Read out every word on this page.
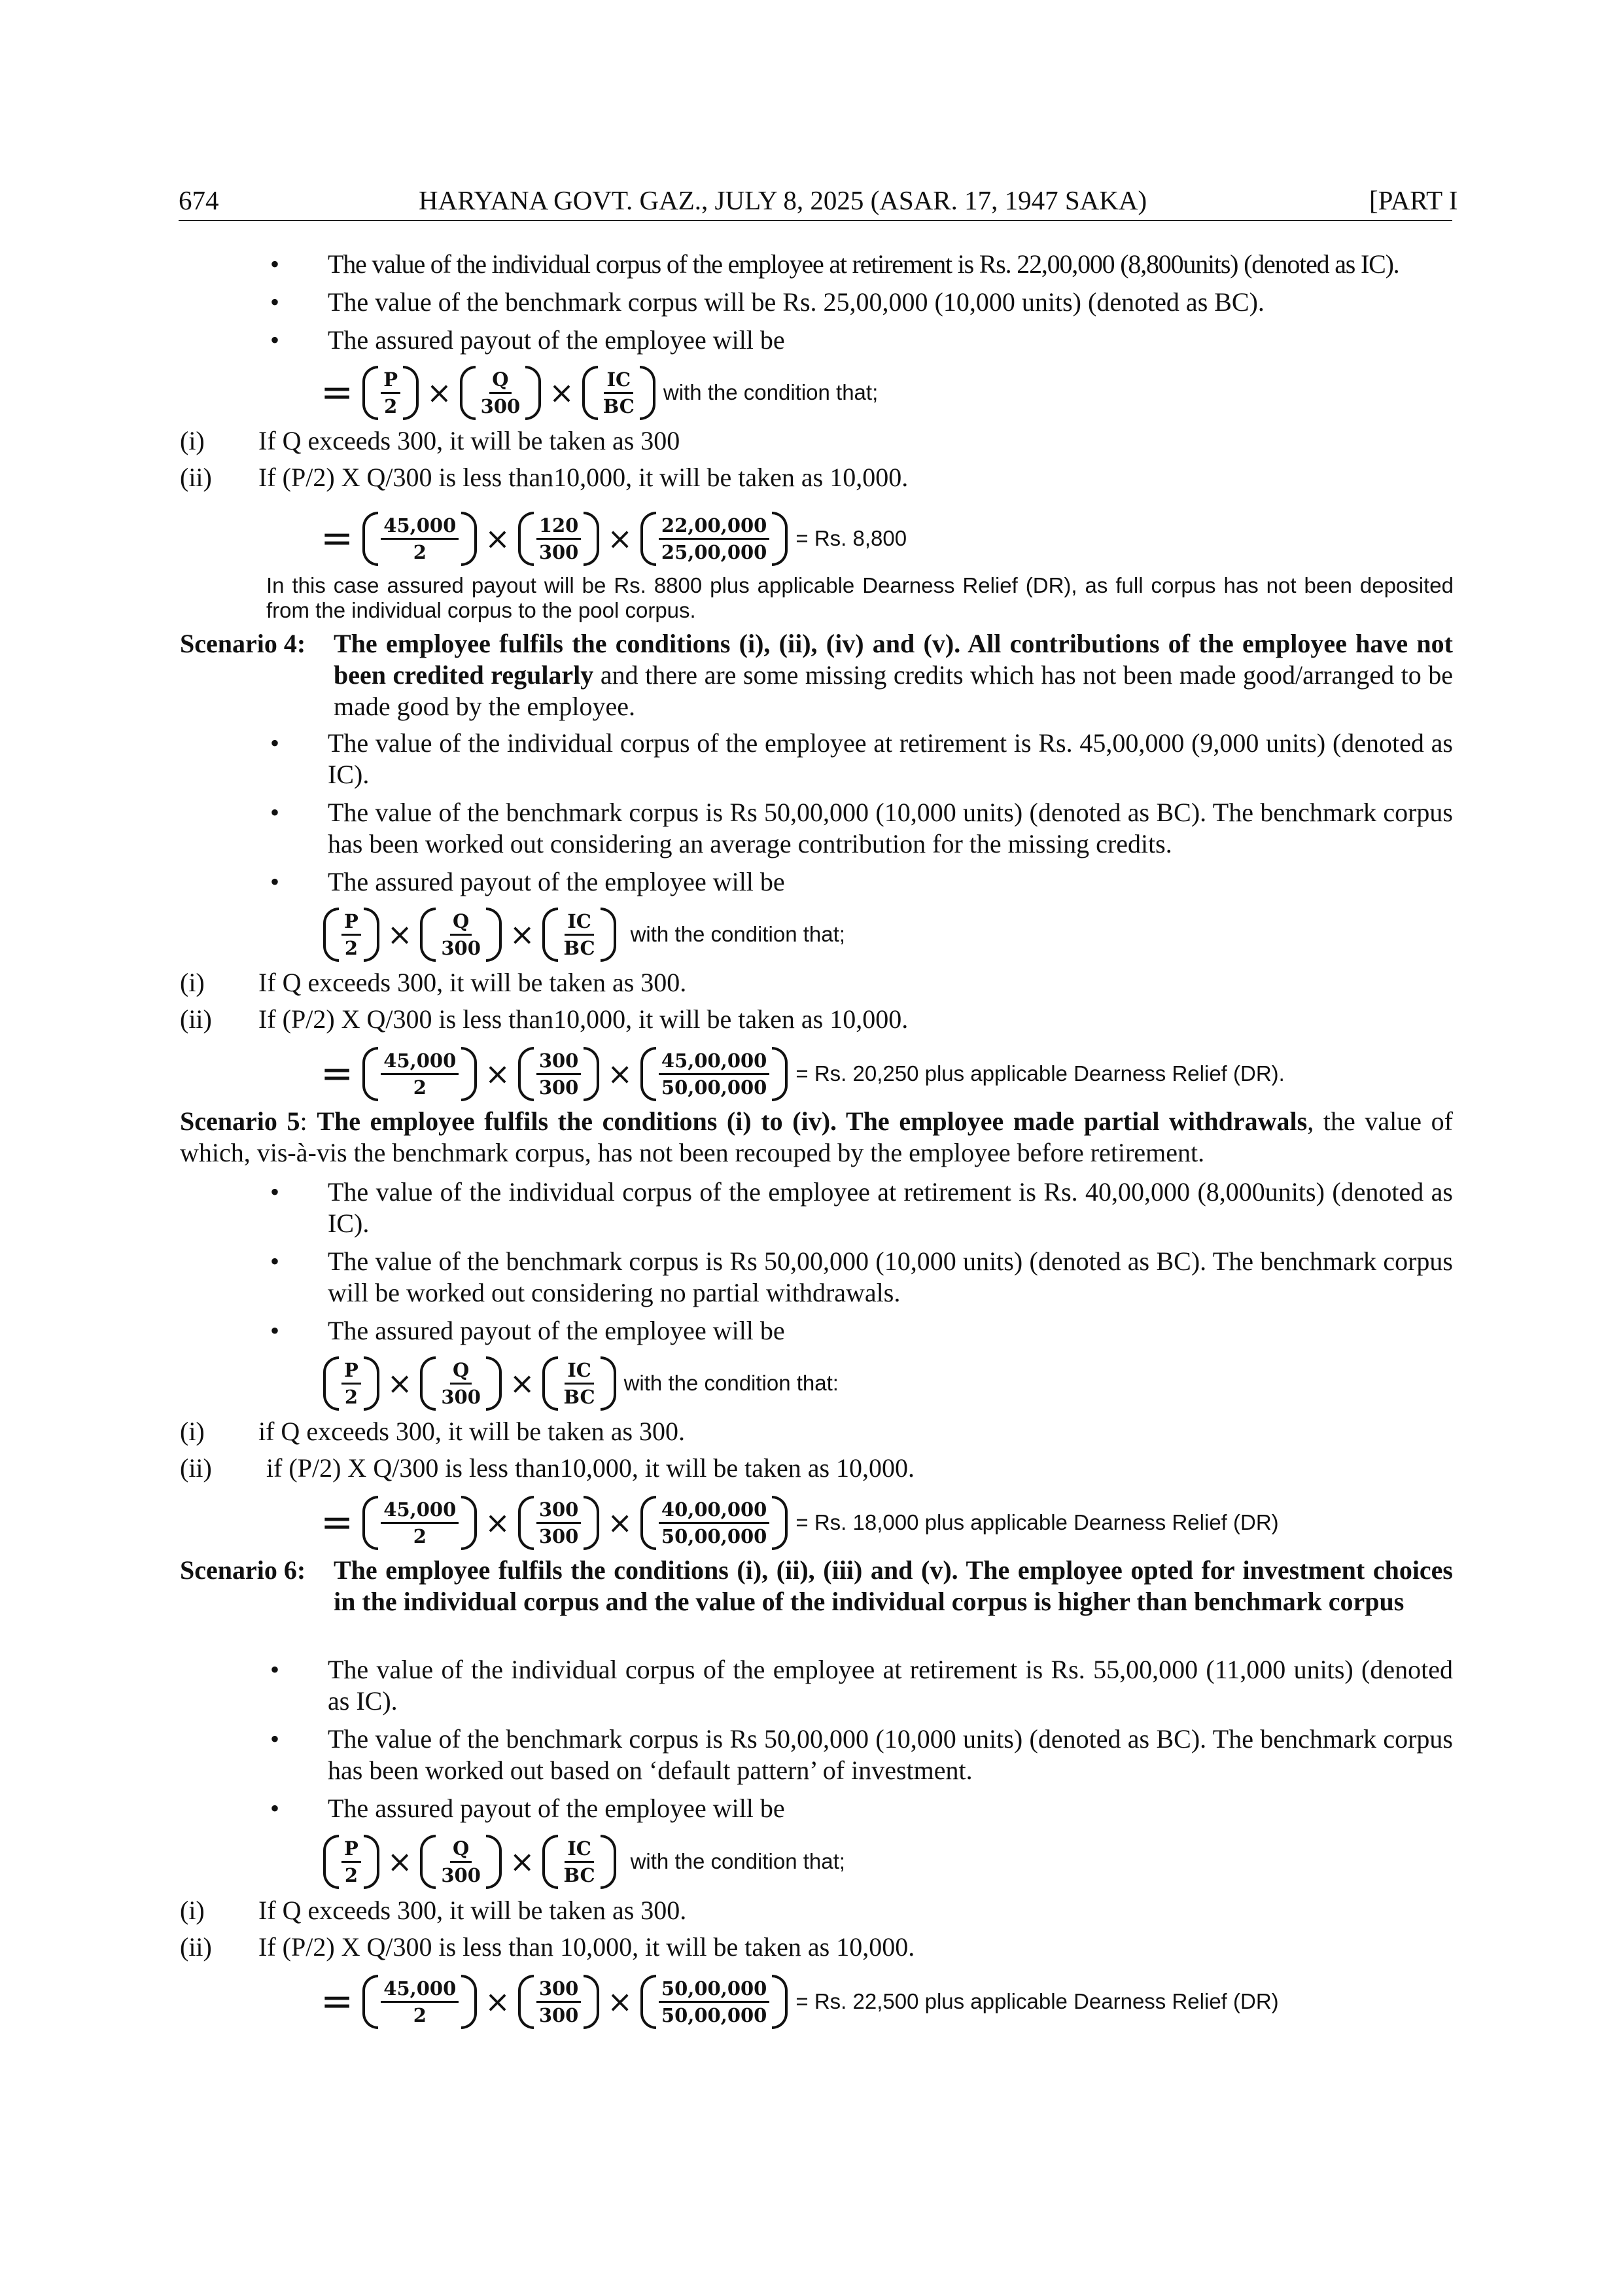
674	HARYANA GOVT. GAZ., JULY 8, 2025 (ASAR. 17, 1947 SAKA)	[PART I
•	The value of the individual corpus of the employee at retirement is Rs. 22,00,000 (8,800units) (denoted as IC).
•	The value of the benchmark corpus will be Rs. 25,00,000 (10,000 units) (denoted as BC).
•	The assured payout of the employee will be
= $\frac{P}{2} \times \frac{Q}{300} \times \frac{IC}{BC}$ with the condition that;
(i) If Q exceeds 300, it will be taken as 300
(ii) If (P/2) X Q/300 is less than10,000, it will be taken as 10,000.
= $\frac{45,000}{2} \times \frac{120}{300} \times \frac{22,00,000}{25,00,000} = Rs$. 8,800
In this case assured payout will be Rs. 8800 plus applicable Dearness Relief (DR), as full corpus has not been deposited from the individual corpus to the pool corpus.
Scenario 4: The employee fulfils the conditions (i), (ii), (iv) and (v). All contributions of the employee have not been credited regularly and there are some missing credits which has not been made good/arranged to be made good by the employee.
•	The value of the individual corpus of the employee at retirement is Rs. 45,00,000 (9,000 units) (denoted as IC).
•	The value of the benchmark corpus is Rs 50,00,000 (10,000 units) (denoted as BC). The benchmark corpus has been worked out considering an average contribution for the missing credits.
•	The assured payout of the employee will be
$\frac{P}{2} \times \frac{Q}{300} \times \frac{IC}{BC}$ with the condition that;
(i) If Q exceeds 300, it will be taken as 300.
(ii) If (P/2) X Q/300 is less than10,000, it will be taken as 10,000.
= $\frac{45,000}{2} \times \frac{300}{300} \times \frac{45,00,000}{50,00,000} = Rs$. 20,250 plus applicable Dearness Relief (DR).
Scenario 5: The employee fulfils the conditions (i) to (iv). The employee made partial withdrawals, the value of which, vis-à-vis the benchmark corpus, has not been recouped by the employee before retirement.
•	The value of the individual corpus of the employee at retirement is Rs. 40,00,000 (8,000units) (denoted as IC).
•	The value of the benchmark corpus is Rs 50,00,000 (10,000 units) (denoted as BC). The benchmark corpus will be worked out considering no partial withdrawals.
•	The assured payout of the employee will be
$\frac{P}{2} \times \frac{Q}{300} \times \frac{IC}{BC}$ with the condition that:
(i) if Q exceeds 300, it will be taken as 300.
(ii) if (P/2) X Q/300 is less than10,000, it will be taken as 10,000.
= $\frac{45,000}{2} \times \frac{300}{300} \times \frac{40,00,000}{50,00,000} = Rs$. 18,000 plus applicable Dearness Relief (DR)
Scenario 6: The employee fulfils the conditions (i), (ii), (iii) and (v). The employee opted for investment choices in the individual corpus and the value of the individual corpus is higher than benchmark corpus
•	The value of the individual corpus of the employee at retirement is Rs. 55,00,000 (11,000 units) (denoted as IC).
•	The value of the benchmark corpus is Rs 50,00,000 (10,000 units) (denoted as BC). The benchmark corpus has been worked out based on ‘default pattern’ of investment.
•	The assured payout of the employee will be
$\frac{P}{2} \times \frac{Q}{300} \times \frac{IC}{BC}$ with the condition that;
(i) If Q exceeds 300, it will be taken as 300.
(ii) If (P/2) X Q/300 is less than 10,000, it will be taken as 10,000.
= $\frac{45,000}{2} \times \frac{300}{300} \times \frac{50,00,000}{50,00,000} = Rs$. 22,500 plus applicable Dearness Relief (DR)
